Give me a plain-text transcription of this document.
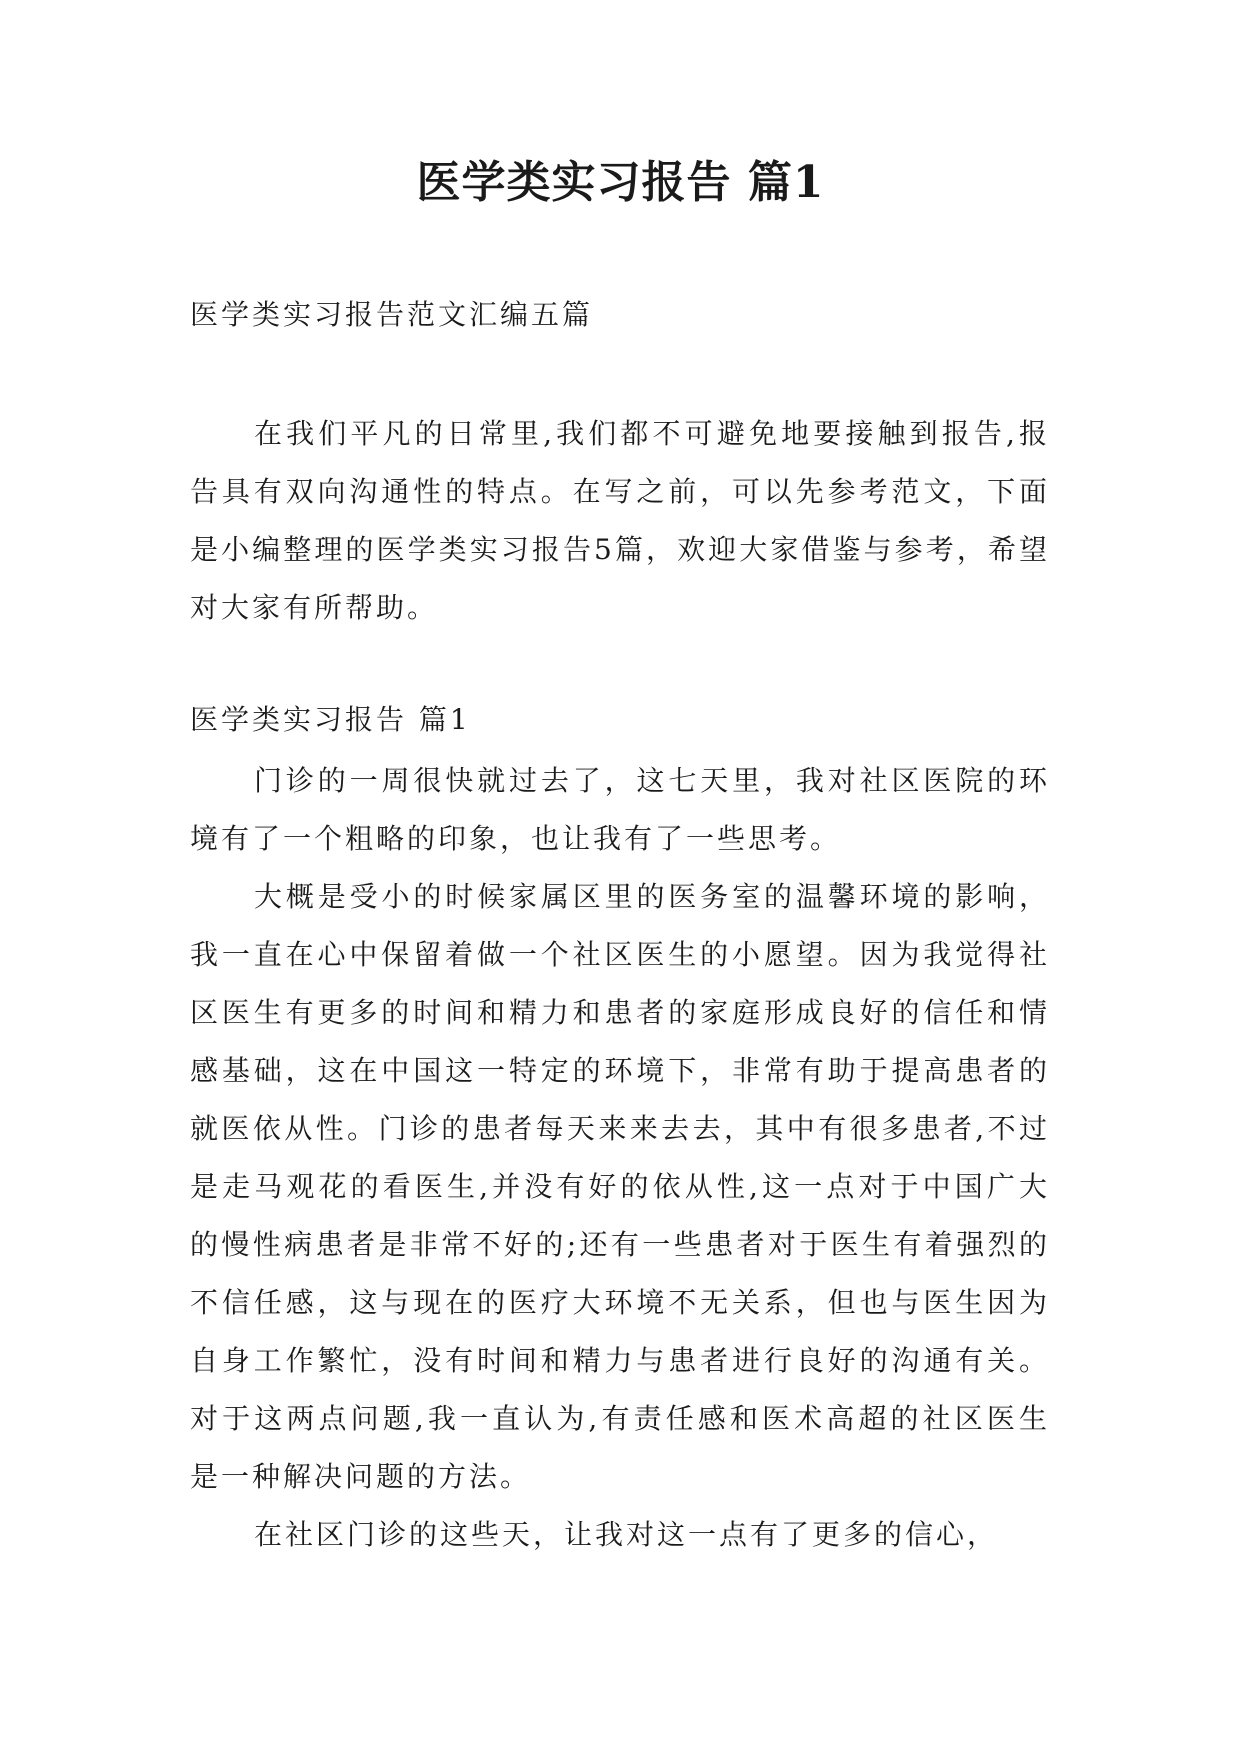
医学类实习报告 篇1
医学类实习报告范文汇编五篇

在我们平凡的日常里,我们都不可避免地要接触到报告,报告具有双向沟通性的特点。在写之前，可以先参考范文，下面是小编整理的医学类实习报告5篇，欢迎大家借鉴与参考，希望对大家有所帮助。

医学类实习报告 篇1

门诊的一周很快就过去了，这七天里，我对社区医院的环境有了一个粗略的印象，也让我有了一些思考。

大概是受小的时候家属区里的医务室的温馨环境的影响，我一直在心中保留着做一个社区医生的小愿望。因为我觉得社区医生有更多的时间和精力和患者的家庭形成良好的信任和情感基础，这在中国这一特定的环境下，非常有助于提高患者的就医依从性。门诊的患者每天来来去去，其中有很多患者,不过是走马观花的看医生,并没有好的依从性,这一点对于中国广大的慢性病患者是非常不好的;还有一些患者对于医生有着强烈的不信任感，这与现在的医疗大环境不无关系，但也与医生因为自身工作繁忙，没有时间和精力与患者进行良好的沟通有关。对于这两点问题,我一直认为,有责任感和医术高超的社区医生是一种解决问题的方法。

在社区门诊的这些天，让我对这一点有了更多的信心，
